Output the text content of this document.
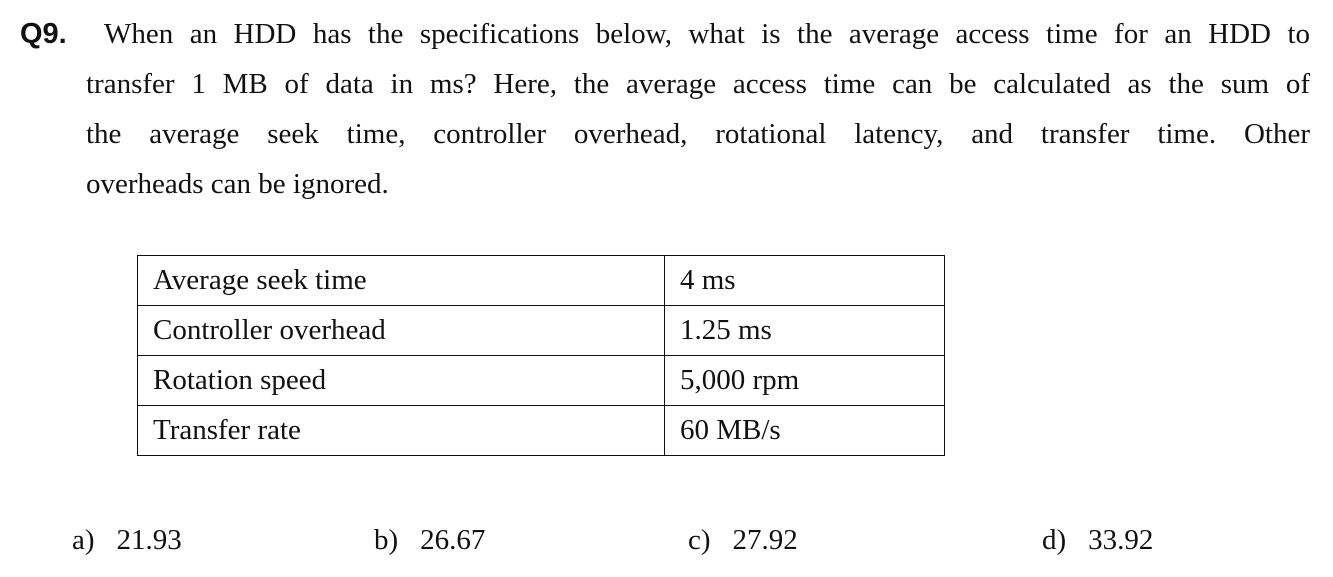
Q9. When an HDD has the specifications below, what is the average access time for an HDD to
transfer 1 MB of data in ms? Here, the average access time can be calculated as the sum of
the average seek time, controller overhead, rotational latency, and transfer time. Other
overheads can be ignored.
Average seek time	4 ms
Controller overhead	1.25 ms
Rotation speed	5,000 rpm
Transfer rate	60 MB/s
a) 21.93	b) 26.67	c) 27.92	d) 33.92
